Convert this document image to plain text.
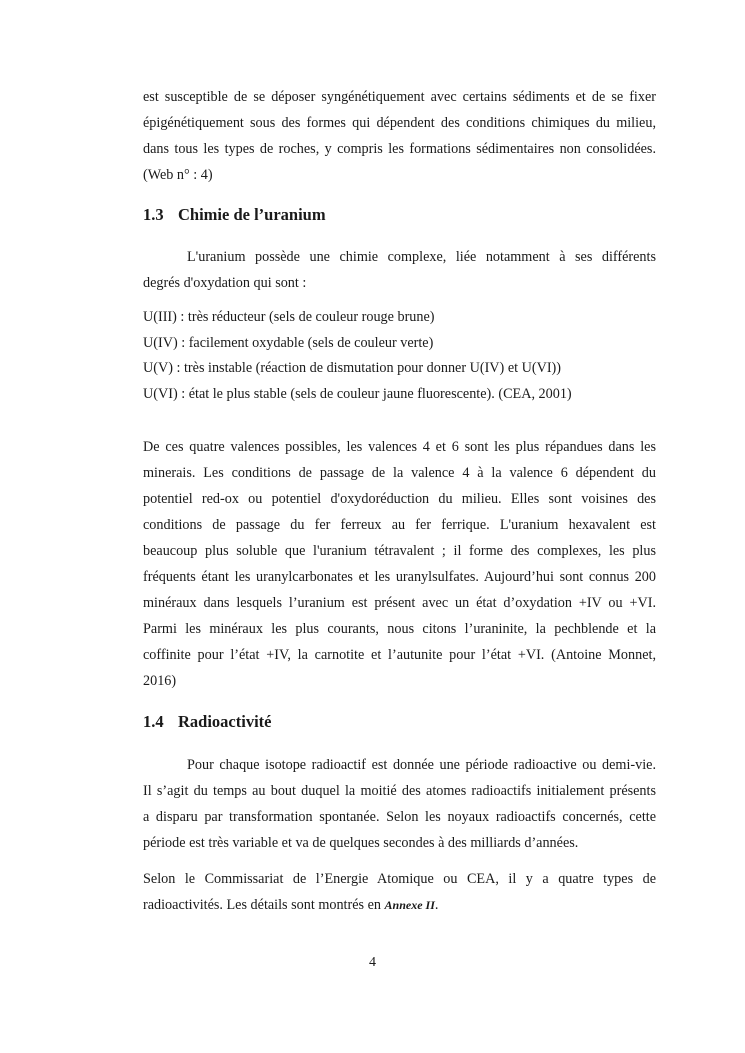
est susceptible de se déposer syngénétiquement avec certains sédiments et de se fixer
épigénétiquement sous des formes qui dépendent des conditions chimiques du milieu,
dans tous les types de roches, y compris les formations sédimentaires non consolidées.
(Web n° : 4)

1.3 Chimie de l’uranium

L'uranium possède une chimie complexe, liée notamment à ses différents
degrés d'oxydation qui sont :

U(III) : très réducteur (sels de couleur rouge brune)
U(IV) : facilement oxydable (sels de couleur verte)
U(V) : très instable (réaction de dismutation pour donner U(IV) et U(VI))
U(VI) : état le plus stable (sels de couleur jaune fluorescente). (CEA, 2001)

De ces quatre valences possibles, les valences 4 et 6 sont les plus répandues dans les
minerais. Les conditions de passage de la valence 4 à la valence 6 dépendent du
potentiel red-ox ou potentiel d'oxydoréduction du milieu. Elles sont voisines des
conditions de passage du fer ferreux au fer ferrique. L'uranium hexavalent est
beaucoup plus soluble que l'uranium tétravalent ; il forme des complexes, les plus
fréquents étant les uranylcarbonates et les uranylsulfates. Aujourd’hui sont connus 200
minéraux dans lesquels l’uranium est présent avec un état d’oxydation +IV ou +VI.
Parmi les minéraux les plus courants, nous citons l’uraninite, la pechblende et la
coffinite pour l’état +IV, la carnotite et l’autunite pour l’état +VI. (Antoine Monnet,
2016)

1.4 Radioactivité

Pour chaque isotope radioactif est donnée une période radioactive ou demi-vie.
Il s’agit du temps au bout duquel la moitié des atomes radioactifs initialement présents
a disparu par transformation spontanée. Selon les noyaux radioactifs concernés, cette
période est très variable et va de quelques secondes à des milliards d’années.

Selon le Commissariat de l’Energie Atomique ou CEA, il y a quatre types de
radioactivités. Les détails sont montrés en Annexe II.

4
